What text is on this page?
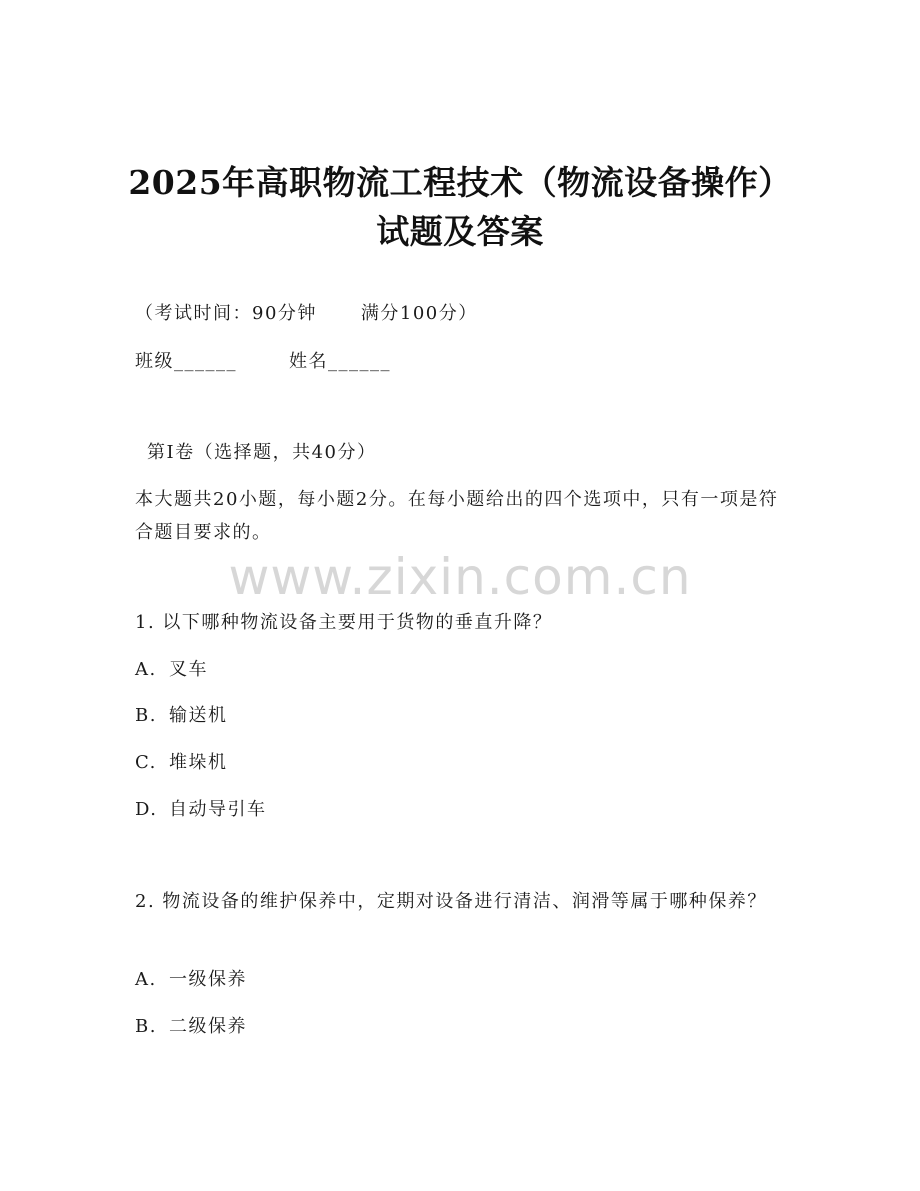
2025年高职物流工程技术（物流设备操作）
试题及答案
（考试时间：90分钟 满分100分）
班级______	姓名______
第Ⅰ卷（选择题，共40分）

本大题共20小题，每小题2分。在每小题给出的四个选项中，只有一项是符合题目要求的。

www.zixin.com.cn
1. 以下哪种物流设备主要用于货物的垂直升降？
A. 叉车
B. 输送机
C. 堆垛机
D. 自动导引车

2. 物流设备的维护保养中，定期对设备进行清洁、润滑等属于哪种保养？

A. 一级保养
B. 二级保养
